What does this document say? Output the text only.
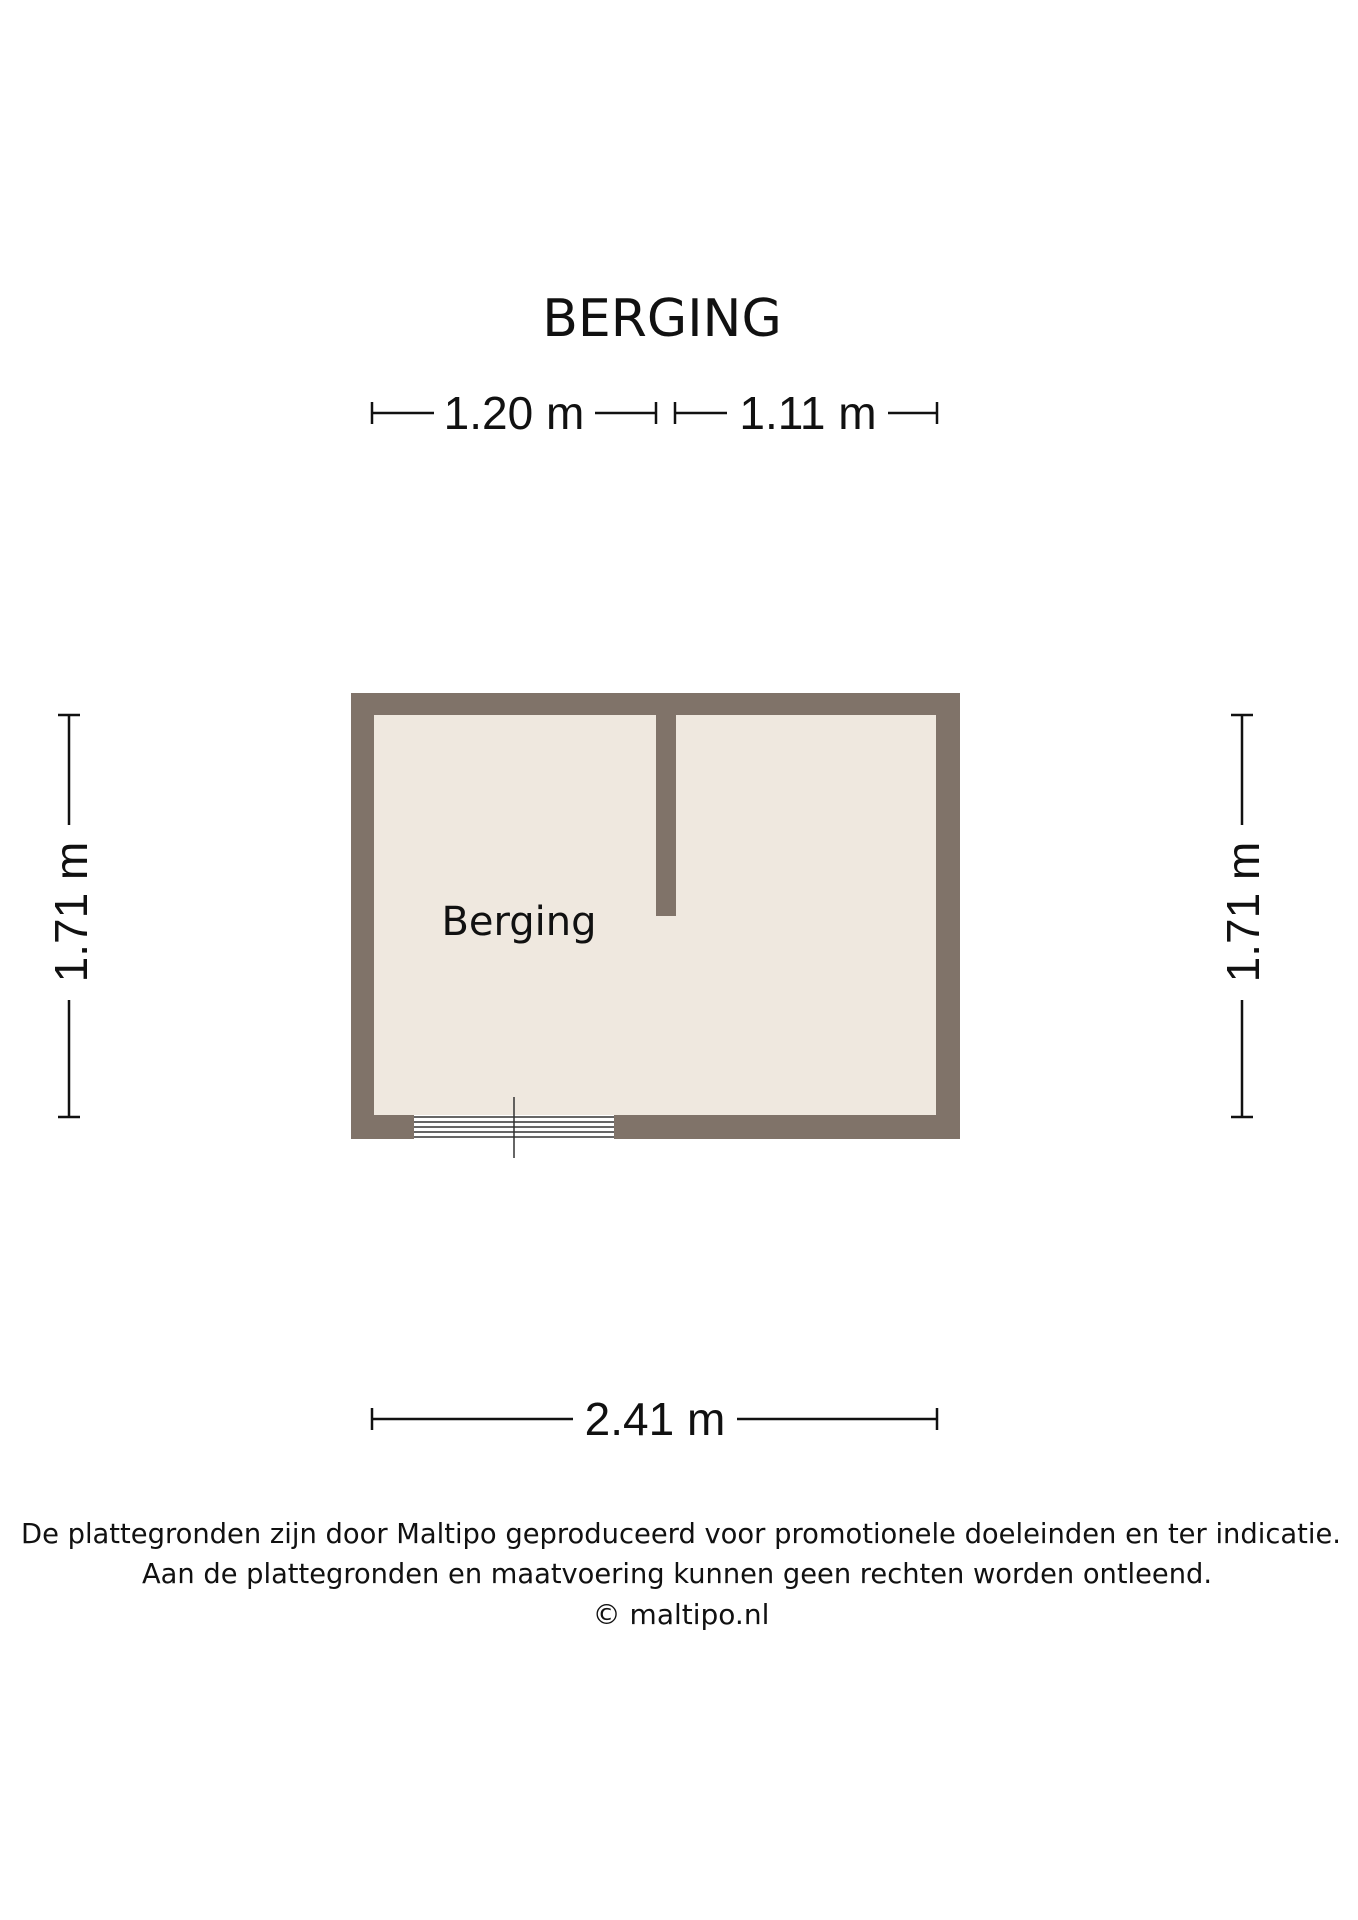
BERGING
1.20 m	1.11 m
1.71 m	1.71 m
Berging
2.41 m
De plattegronden zijn door Maltipo geproduceerd voor promotionele doeleinden en ter indicatie.
Aan de plattegronden en maatvoering kunnen geen rechten worden ontleend.
© maltipo.nl
